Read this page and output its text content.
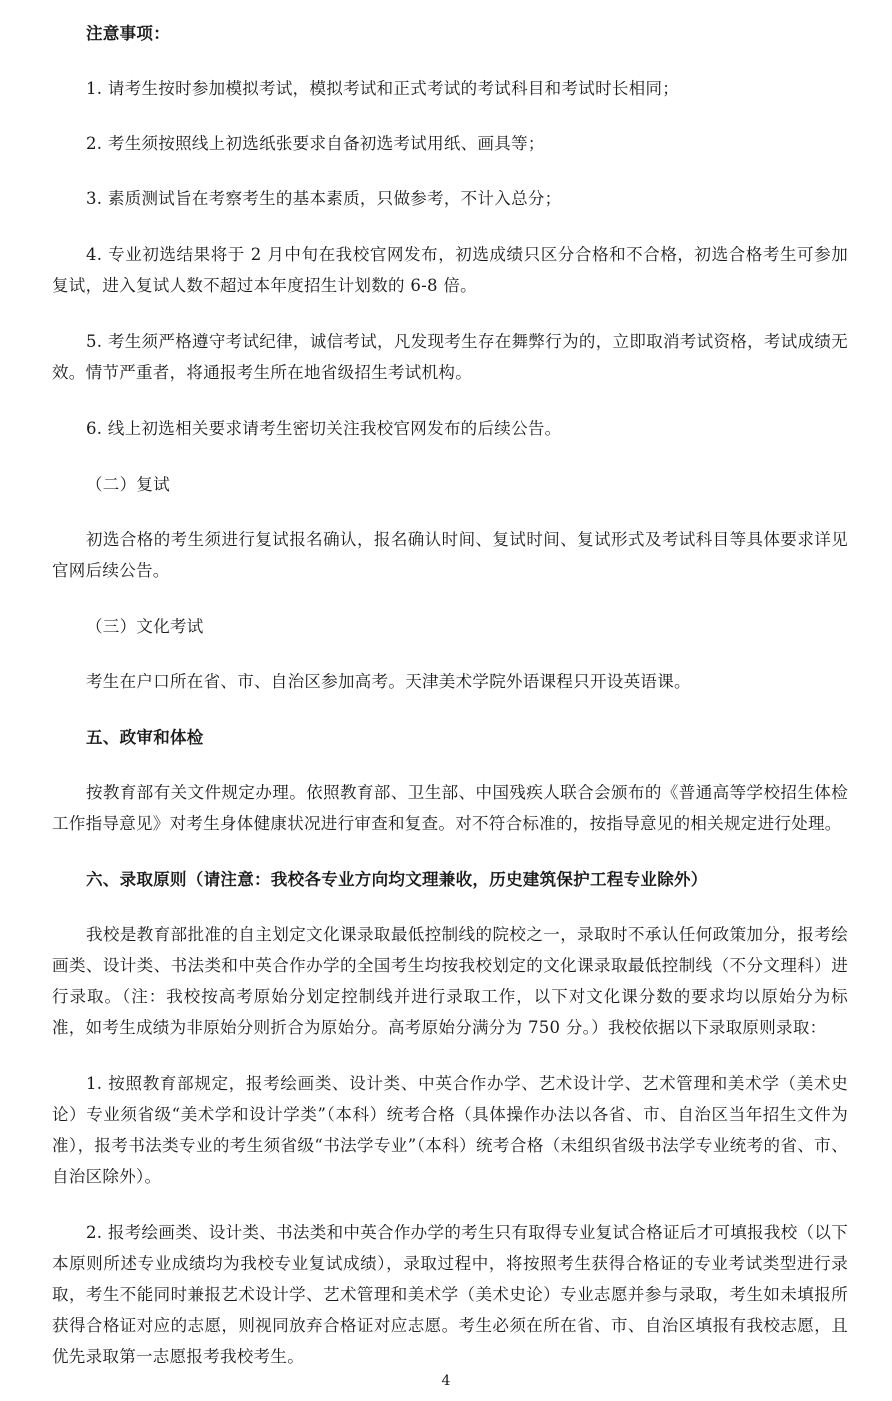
注意事项：

1. 请考生按时参加模拟考试，模拟考试和正式考试的考试科目和考试时长相同；

2. 考生须按照线上初选纸张要求自备初选考试用纸、画具等；

3. 素质测试旨在考察考生的基本素质，只做参考，不计入总分；

4. 专业初选结果将于 2 月中旬在我校官网发布，初选成绩只区分合格和不合格，初选合格考生可参加复试，进入复试人数不超过本年度招生计划数的 6-8 倍。

5. 考生须严格遵守考试纪律，诚信考试，凡发现考生存在舞弊行为的，立即取消考试资格，考试成绩无效。情节严重者，将通报考生所在地省级招生考试机构。

6. 线上初选相关要求请考生密切关注我校官网发布的后续公告。

（二）复试

初选合格的考生须进行复试报名确认，报名确认时间、复试时间、复试形式及考试科目等具体要求详见官网后续公告。

（三）文化考试

考生在户口所在省、市、自治区参加高考。天津美术学院外语课程只开设英语课。

五、政审和体检

按教育部有关文件规定办理。依照教育部、卫生部、中国残疾人联合会颁布的《普通高等学校招生体检工作指导意见》对考生身体健康状况进行审查和复查。对不符合标准的，按指导意见的相关规定进行处理。

六、录取原则（请注意：我校各专业方向均文理兼收，历史建筑保护工程专业除外）

我校是教育部批准的自主划定文化课录取最低控制线的院校之一，录取时不承认任何政策加分，报考绘画类、设计类、书法类和中英合作办学的全国考生均按我校划定的文化课录取最低控制线（不分文理科）进行录取。（注：我校按高考原始分划定控制线并进行录取工作，以下对文化课分数的要求均以原始分为标准，如考生成绩为非原始分则折合为原始分。高考原始分满分为 750 分。）我校依据以下录取原则录取：

1. 按照教育部规定，报考绘画类、设计类、中英合作办学、艺术设计学、艺术管理和美术学（美术史论）专业须省级“美术学和设计学类”（本科）统考合格（具体操作办法以各省、市、自治区当年招生文件为准），报考书法类专业的考生须省级“书法学专业”（本科）统考合格（未组织省级书法学专业统考的省、市、自治区除外）。

2. 报考绘画类、设计类、书法类和中英合作办学的考生只有取得专业复试合格证后才可填报我校（以下本原则所述专业成绩均为我校专业复试成绩），录取过程中，将按照考生获得合格证的专业考试类型进行录取，考生不能同时兼报艺术设计学、艺术管理和美术学（美术史论）专业志愿并参与录取，考生如未填报所获得合格证对应的志愿，则视同放弃合格证对应志愿。考生必须在所在省、市、自治区填报有我校志愿，且优先录取第一志愿报考我校考生。

4
